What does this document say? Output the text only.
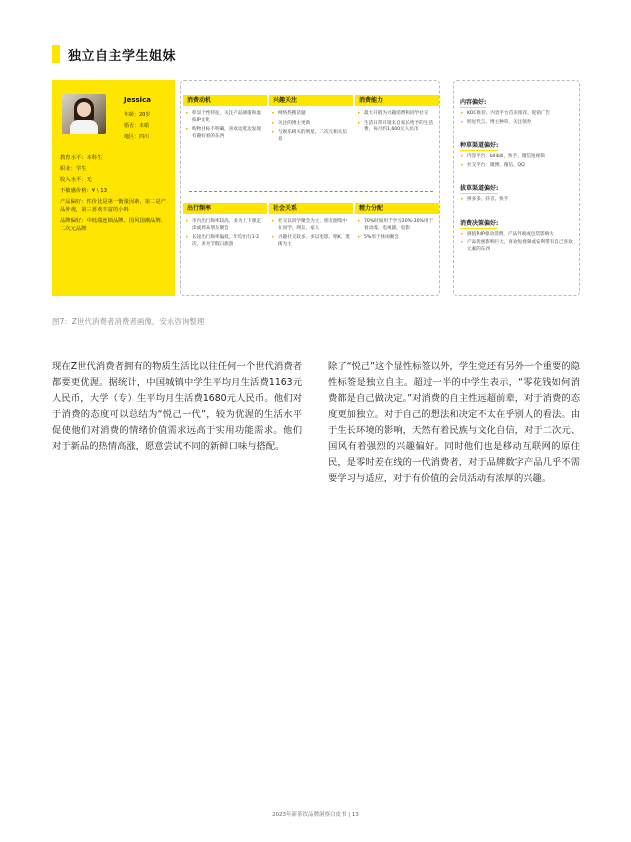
独立自主学生姐妹
Jessica
年龄：20岁
婚否：未婚
地区：四川
教育水平：本科生
职业：学生
收入水平：无
不敏感价格：¥ \ 13
产品偏好：性价比是第一衡量因素，第二是产品外观，第三喜欢丰富的小料
品牌偏好：中低端连锁品牌、国风国潮品牌、二次元品牌
消费动机
▸ 彰显个性特征，关注产品颜值和虚拟IP文化
▸ 购物目标不明确，喜欢边逛边发现有趣好看的东西
兴趣关注
▸ 网络热搜话题
▸ 关注的博主更新
▸ 与娱乐相关的明星、二次元相关信息
消费能力
▸ 最大开销为兴趣消费和同学社交
▸ 生活日常开销未自家长给予的生活费，每月约1,600元人民币
出行频率
▸ 市内出行频率较高，多为上下课走读或周末朋友聚会
▸ 长途出行频率偏低，年均出行1-2次，多为节假日旅游
社会关系
▸ 社交以同学聚会为主，朋友圈集中在同学、网友、家人
▸ 兴趣社交较多，多以电影、唱K、逛街为主
精力分配
▸ 70%时间用于学习20%-30%用于看动漫、电视剧、电影
▸ 5%用于休闲聚会
内容偏好:
▸ KOC推荐、内容平台首页推荐、促销广告
▸ 明星代言、博主种草、关注领券
种草渠道偏好:
▸ 内容平台：bilibili、快手、微信短视频
▸ 社交平台：微博、微信、QQ
拔草渠道偏好:
▸ 拼多多、抖音、快手
消费决策偏好:
▸ 颜值和IP驱动消费，产品外观或包装影响大
▸ 产品优惠影响巨大，喜欢短视频或安利带有自己喜欢元素的东西
图7：Z世代消费者消费者画像，安永咨询整理
现在Z世代消费者拥有的物质生活比以往任何一个世代消费者都要更优渥。据统计，中国城镇中学生平均月生活费1163元人民币，大学（专）生平均月生活费1680元人民币。他们对于消费的态度可以总结为“悦己一代”，较为优渥的生活水平促使他们对消费的情绪价值需求远高于实用功能需求。他们对于新品的热情高涨，愿意尝试不同的新鲜口味与搭配。
除了“悦己”这个显性标签以外，学生党还有另外一个重要的隐性标签是独立自主。超过一半的中学生表示，“零花钱如何消费都是自己做决定。”对消费的自主性远超前辈，对于消费的态度更加独立。对于自己的想法和决定不太在乎别人的看法。由于生长环境的影响，天然有着民族与文化自信，对于二次元、国风有着强烈的兴趣偏好。同时他们也是移动互联网的原住民，是零时差在线的一代消费者，对于品牌数字产品几乎不需要学习与适应，对于有价值的会员活动有浓厚的兴趣。
2023年新茶饮品牌洞察白皮书 | 13
